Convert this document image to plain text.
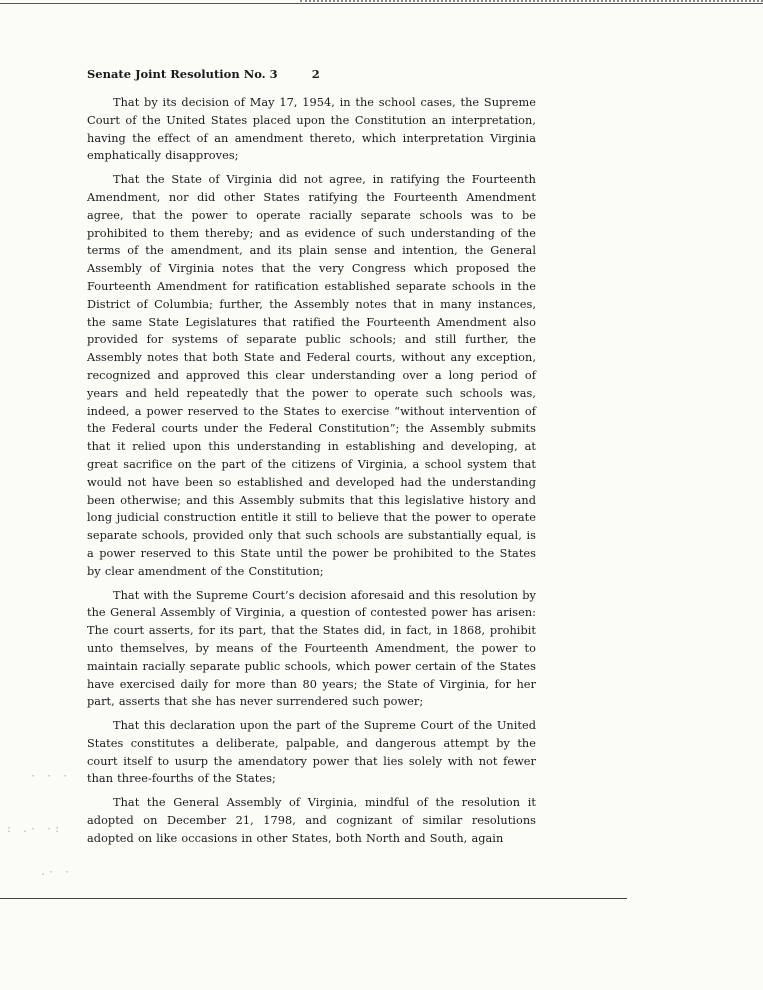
· · ·
: .· ·:
.· ·
Senate Joint Resolution No. 3	2

That by its decision of May 17, 1954, in the school cases, the Supreme Court of the United States placed upon the Constitution an interpretation, having the effect of an amendment thereto, which interpretation Virginia emphatically disapproves;

That the State of Virginia did not agree, in ratifying the Fourteenth Amendment, nor did other States ratifying the Fourteenth Amendment agree, that the power to operate racially separate schools was to be prohibited to them thereby; and as evidence of such understanding of the terms of the amendment, and its plain sense and intention, the General Assembly of Virginia notes that the very Congress which proposed the Fourteenth Amendment for ratification established separate schools in the District of Columbia; further, the Assembly notes that in many instances, the same State Legislatures that ratified the Fourteenth Amendment also provided for systems of separate public schools; and still further, the Assembly notes that both State and Federal courts, without any exception, recognized and approved this clear understanding over a long period of years and held repeatedly that the power to operate such schools was, indeed, a power reserved to the States to exercise “without intervention of the Federal courts under the Federal Constitution”; the Assembly submits that it relied upon this understanding in establishing and developing, at great sacrifice on the part of the citizens of Virginia, a school system that would not have been so established and developed had the understanding been otherwise; and this Assembly submits that this legislative history and long judicial construction entitle it still to believe that the power to operate separate schools, provided only that such schools are substantially equal, is a power reserved to this State until the power be prohibited to the States by clear amendment of the Constitution;

That with the Supreme Court’s decision aforesaid and this resolution by the General Assembly of Virginia, a question of contested power has arisen: The court asserts, for its part, that the States did, in fact, in 1868, prohibit unto themselves, by means of the Fourteenth Amendment, the power to maintain racially separate public schools, which power certain of the States have exercised daily for more than 80 years; the State of Virginia, for her part, asserts that she has never surrendered such power;

That this declaration upon the part of the Supreme Court of the United States constitutes a deliberate, palpable, and dangerous attempt by the court itself to usurp the amendatory power that lies solely with not fewer than three-fourths of the States;

That the General Assembly of Virginia, mindful of the resolution it adopted on December 21, 1798, and cognizant of similar resolutions adopted on like occasions in other States, both North and South, again
